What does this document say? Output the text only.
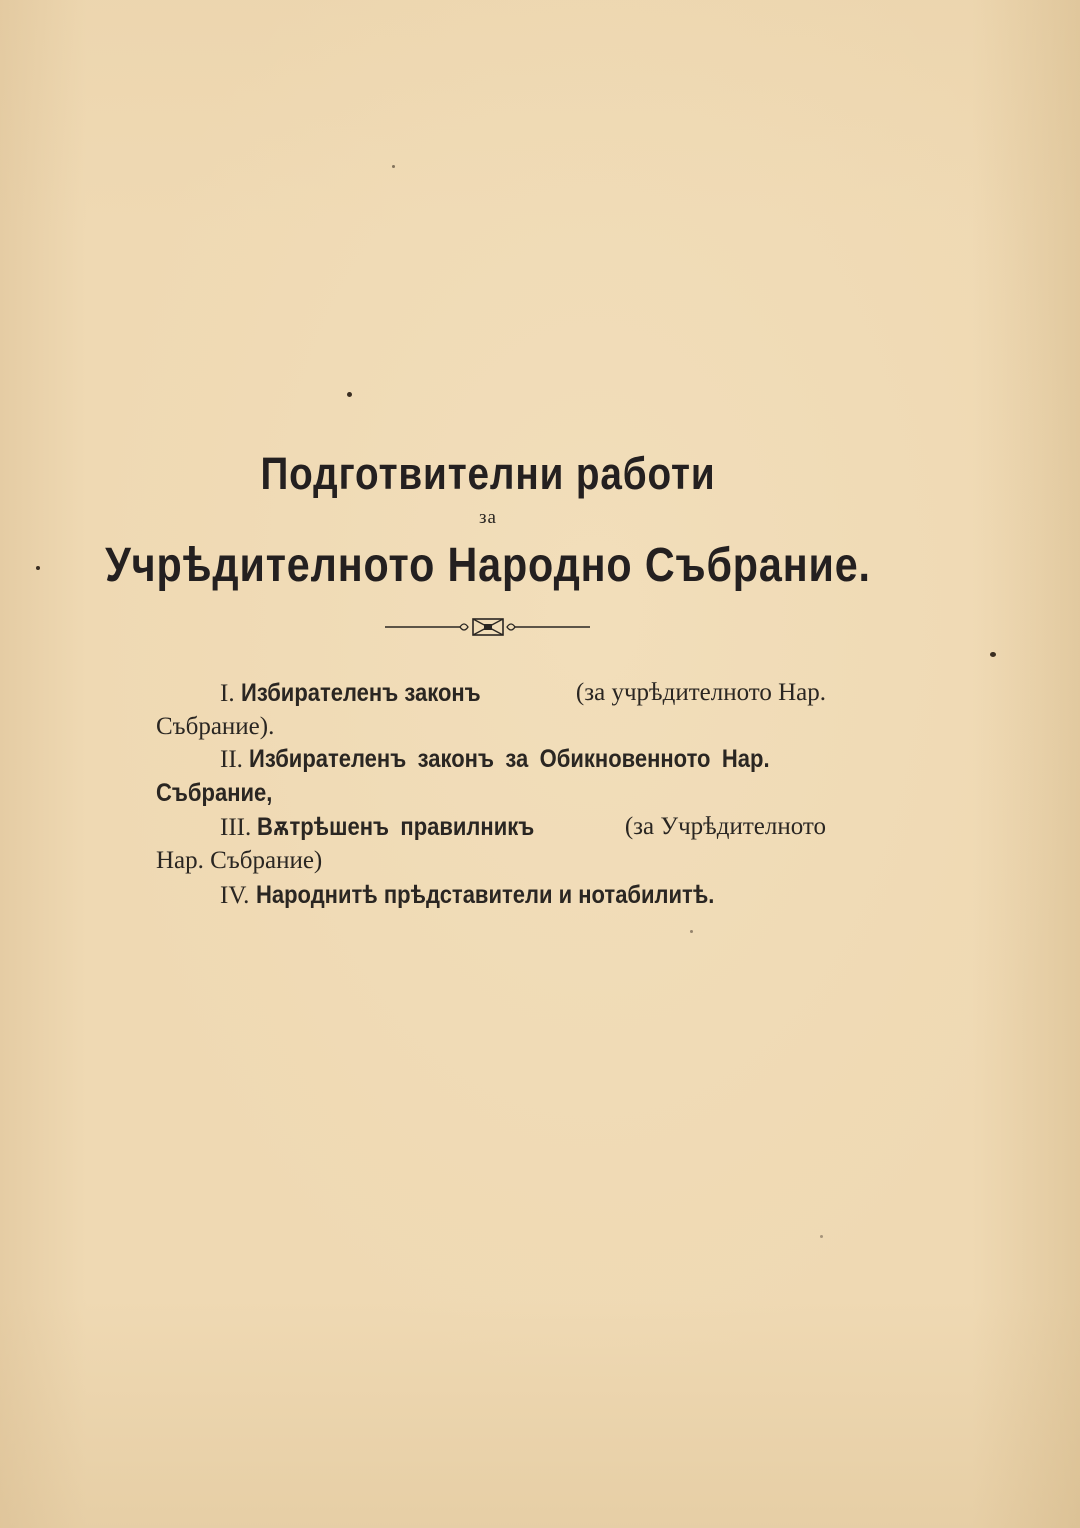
Подготвителни работи
за
Учрѣдителното Народно Събрание.
I. Избирателенъ законъ	(за учрѣдителното Нар.
Събрание).
II. Избирателенъ законъ за Обикновенното Нар.
Събрание,
III. Вѫтрѣшенъ правилникъ	(за Учрѣдителното
Нар. Събрание)
IV. Народнитѣ прѣдставители и нотабилитѣ.
